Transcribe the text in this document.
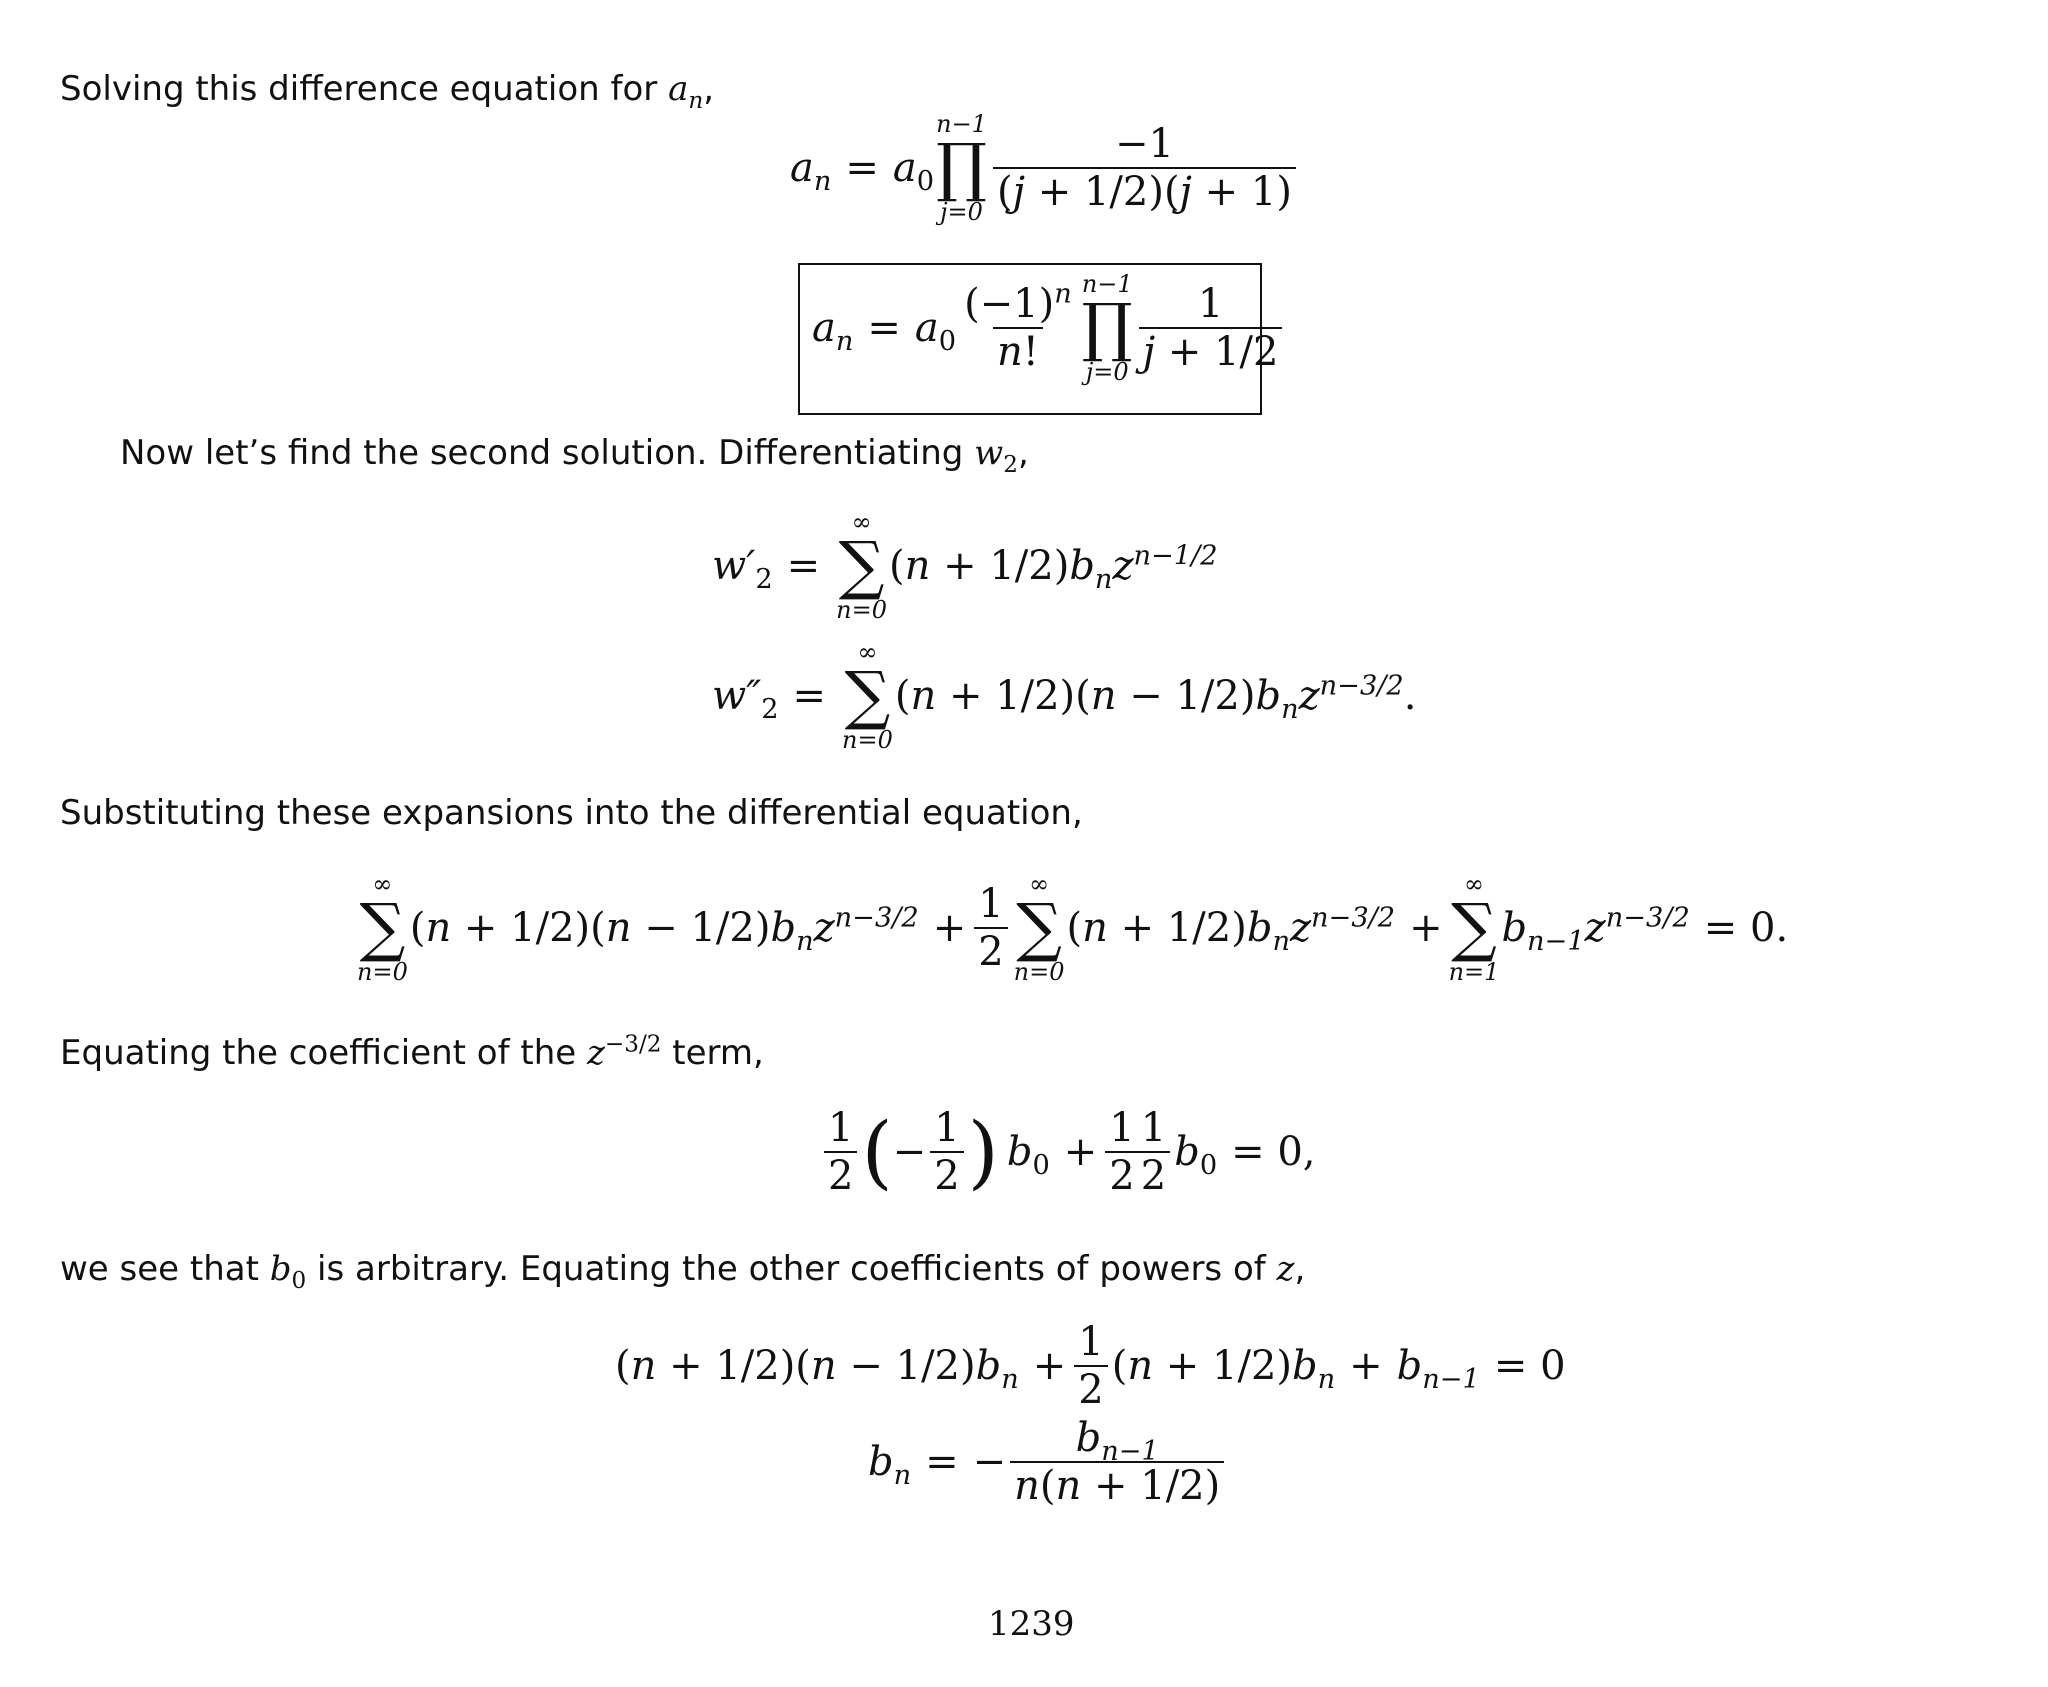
Solving this difference equation for $a_n$,
$a_n = a_0$
n−1
∏
$j=0 \frac{-1}{(j + 1/2)(j + 1)}$
$a_n = a_0 \frac{(-1)^n}{n!} n-1$
∏
$j=0 \frac{1}{j + 1/2}$
Now let’s find the second solution. Differentiating $w_2$,
$w'_2$ =
∞
∑
n=0
$(n + 1/2)b_nz^{n-1/2}$
$w''_2$ =
∞
∑
n=0
$(n + 1/2)(n - 1/2)b_nz^{n-3/2}$.
Substituting these expansions into the differential equation,
∞
∑
n=0
$(n + 1/2)(n - 1/2)b_nz^{n-3/2} + \frac{1}{2}$ ∞
∑
n=0
$(n + 1/2)b_nz^{n-3/2}$ +
∞
∑
n=1
$b_{n-1}z^{n-3/2} = 0$.
Equating the coefficient of the $z^{-3/2}$ term,
$\frac{1}{2}$ ( − $\frac{1}{2}$ ) $b_0 + \frac{1}{2}$
$\frac{1}{2} b_0 = 0$,
we see that $b_0$ is arbitrary. Equating the other coefficients of powers of z,
$(n + 1/2)(n - 1/2)b_n + \frac{1}{2} (n + 1/2)b_n + b_{n-1} = 0$
$b_n$ = − $\frac{b_{n-1}}{n(n + 1/2)}$
1239
